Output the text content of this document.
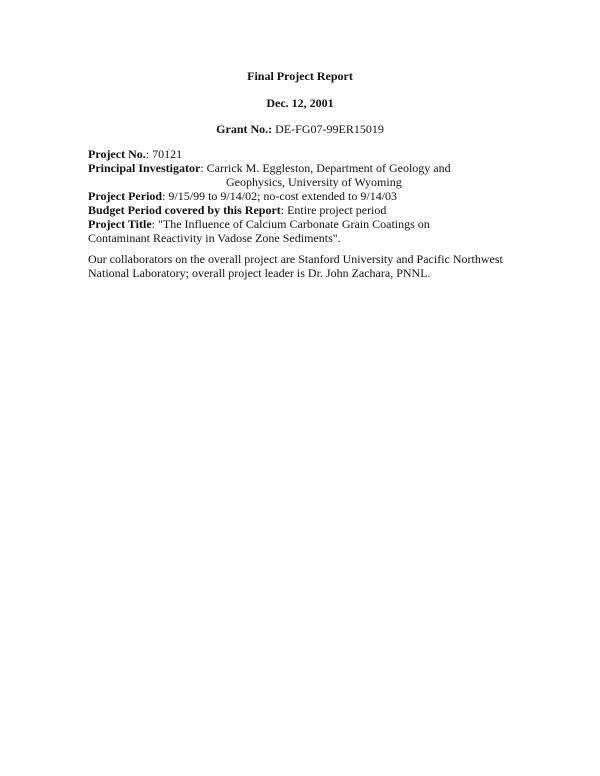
Final Project Report
Dec. 12, 2001
Grant No.: DE-FG07-99ER15019

Project No.: 70121

Principal Investigator: Carrick M. Eggleston, Department of Geology and

Geophysics, University of Wyoming

Project Period: 9/15/99 to 9/14/02; no-cost extended to 9/14/03

Budget Period covered by this Report: Entire project period

Project Title: "The Influence of Calcium Carbonate Grain Coatings on

Contaminant Reactivity in Vadose Zone Sediments".

Our collaborators on the overall project are Stanford University and Pacific Northwest National Laboratory; overall project leader is Dr. John Zachara, PNNL.
